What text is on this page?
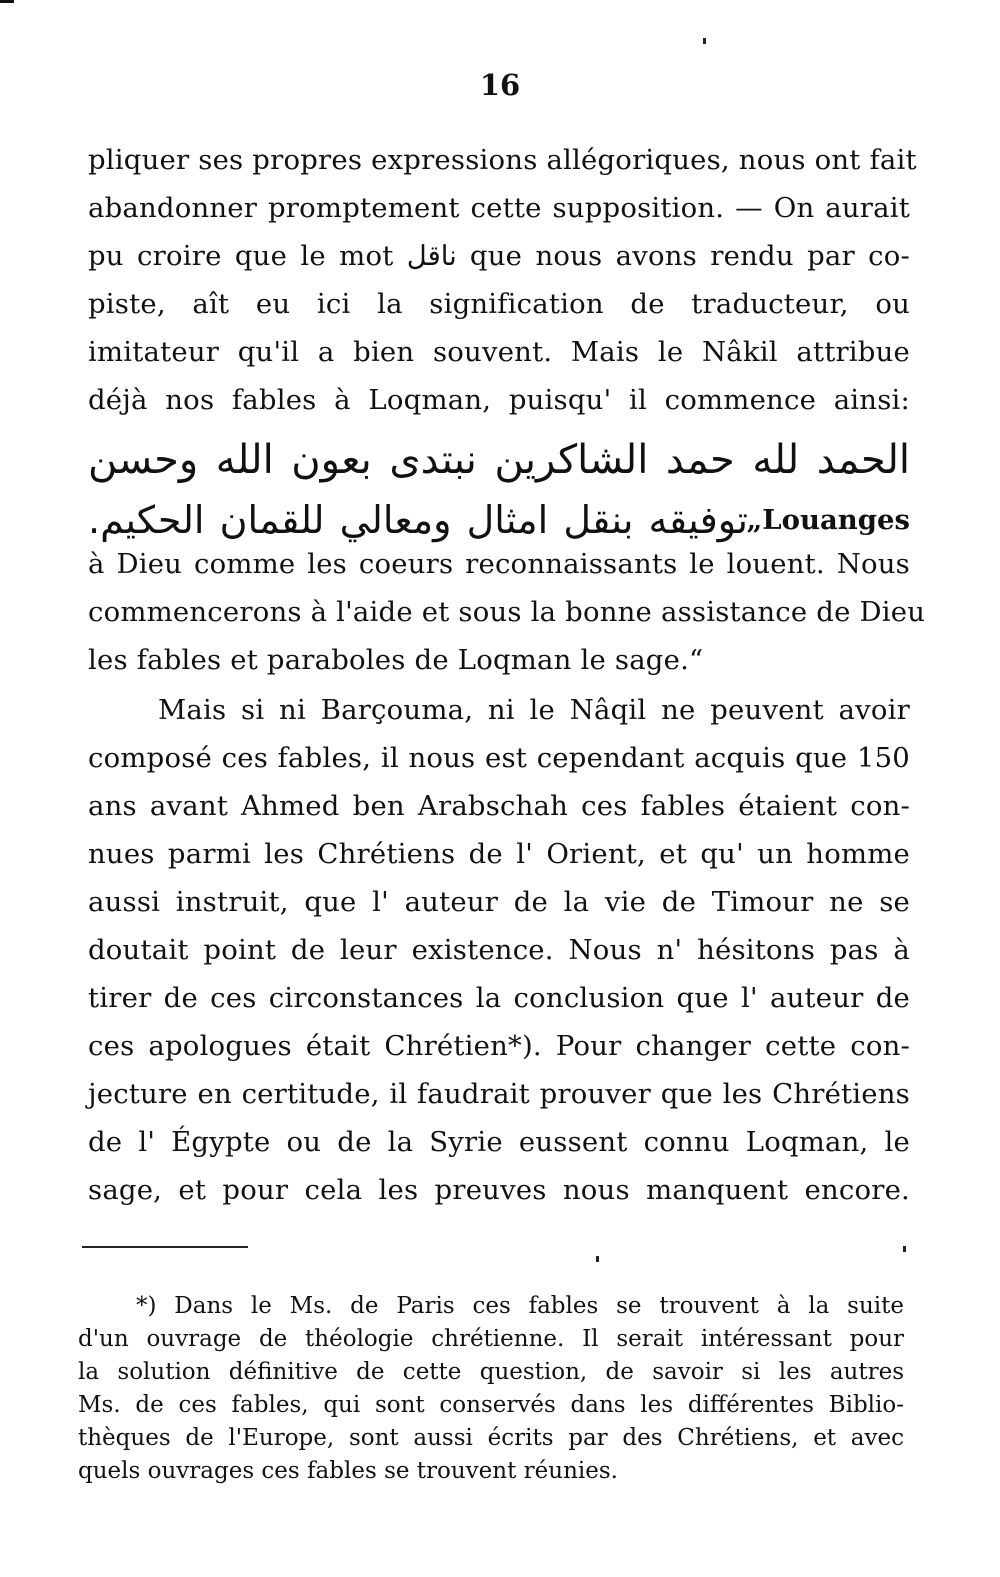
16
pliquer ses propres expressions allégoriques, nous ont fait
abandonner promptement cette supposition. — On aurait
pu croire que le mot ناقل que nous avons rendu par co-
piste, aît eu ici la signification de traducteur, ou
imitateur qu'il a bien souvent. Mais le Nâkil attribue
déjà nos fables à Loqman, puisqu' il commence ainsi:
الحمد لله حمد الشاكرين نبتدى بعون الله وحسن
توفيقه بنقل امثال ومعالي للقمان الحكيم.
„Louanges
à Dieu comme les coeurs reconnaissants le louent. Nous
commencerons à l'aide et sous la bonne assistance de Dieu
les fables et paraboles de Loqman le sage.“
Mais si ni Barçouma, ni le Nâqil ne peuvent avoir
composé ces fables, il nous est cependant acquis que 150
ans avant Ahmed ben Arabschah ces fables étaient con-
nues parmi les Chrétiens de l' Orient, et qu' un homme
aussi instruit, que l' auteur de la vie de Timour ne se
doutait point de leur existence. Nous n' hésitons pas à
tirer de ces circonstances la conclusion que l' auteur de
ces apologues était Chrétien*). Pour changer cette con-
jecture en certitude, il faudrait prouver que les Chrétiens
de l' Égypte ou de la Syrie eussent connu Loqman, le
sage, et pour cela les preuves nous manquent encore.
*) Dans le Ms. de Paris ces fables se trouvent à la suite
d'un ouvrage de théologie chrétienne. Il serait intéressant pour
la solution définitive de cette question, de savoir si les autres
Ms. de ces fables, qui sont conservés dans les différentes Biblio-
thèques de l'Europe, sont aussi écrits par des Chrétiens, et avec
quels ouvrages ces fables se trouvent réunies.
